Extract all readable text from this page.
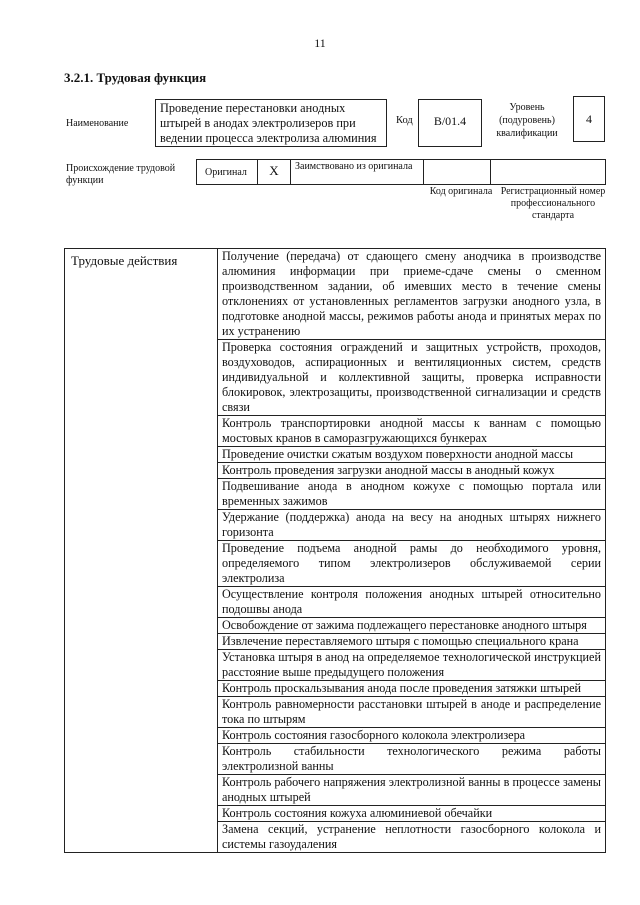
11
3.2.1. Трудовая функция
Наименование
Проведение перестановки анодных штырей в анодах электролизеров при ведении процесса электролиза алюминия
Код	B/01.4
Уровень (подуровень) квалификации
4
Происхождение трудовой функции
Оригинал	X	Заимствовано из оригинала
Код оригинала Регистрационный номер профессионального стандарта
Трудовые действия	Получение (передача) от сдающего смену анодчика в производстве алюминия информации при приеме-сдаче смены о сменном производственном задании, об имевших место в течение смены отклонениях от установленных регламентов загрузки анодного узла, в подготовке анодной массы, режимов работы анода и принятых мерах по их устранению
Проверка состояния ограждений и защитных устройств, проходов, воздуховодов, аспирационных и вентиляционных систем, средств индивидуальной и коллективной защиты, проверка исправности блокировок, электрозащиты, производственной сигнализации и средств связи
Контроль транспортировки анодной массы к ваннам с помощью мостовых кранов в саморазгружающихся бункерах
Проведение очистки сжатым воздухом поверхности анодной массы
Контроль проведения загрузки анодной массы в анодный кожух
Подвешивание анода в анодном кожухе с помощью портала или временных зажимов
Удержание (поддержка) анода на весу на анодных штырях нижнего горизонта
Проведение подъема анодной рамы до необходимого уровня, определяемого типом электролизеров обслуживаемой серии электролиза
Осуществление контроля положения анодных штырей относительно подошвы анода
Освобождение от зажима подлежащего перестановке анодного штыря
Извлечение переставляемого штыря с помощью специального крана
Установка штыря в анод на определяемое технологической инструкцией расстояние выше предыдущего положения
Контроль проскальзывания анода после проведения затяжки штырей
Контроль равномерности расстановки штырей в аноде и распределение тока по штырям
Контроль состояния газосборного колокола электролизера
Контроль стабильности технологического режима работы электролизной ванны
Контроль рабочего напряжения электролизной ванны в процессе замены анодных штырей
Контроль состояния кожуха алюминиевой обечайки
Замена секций, устранение неплотности газосборного колокола и системы газоудаления
